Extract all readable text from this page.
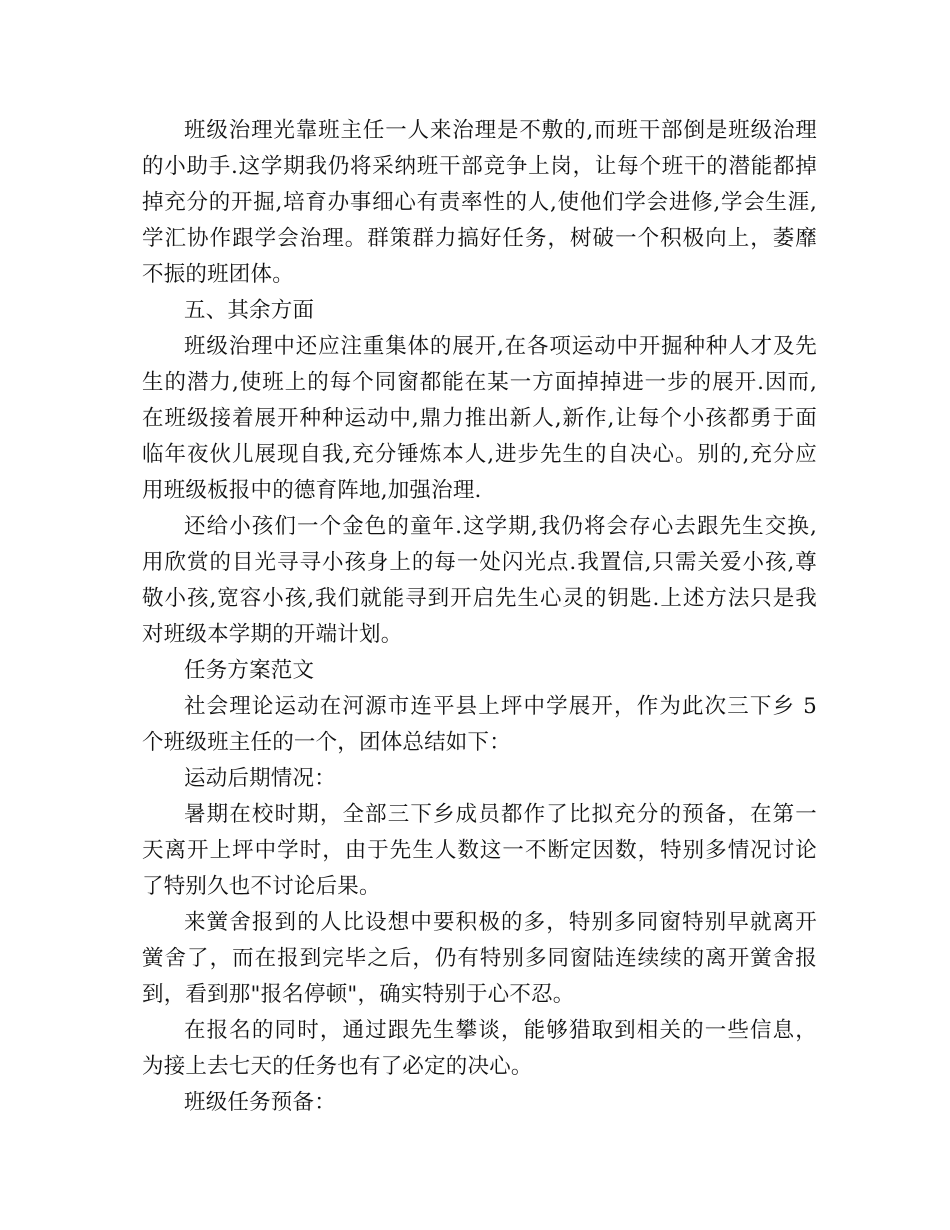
班级治理光靠班主任一人来治理是不敷的,而班干部倒是班级治理
的小助手.这学期我仍将采纳班干部竞争上岗，让每个班干的潜能都掉
掉充分的开掘,培育办事细心有责率性的人,使他们学会进修,学会生涯,
学汇协作跟学会治理。群策群力搞好任务，树破一个积极向上，萎靡
不振的班团体。
五、其余方面
班级治理中还应注重集体的展开,在各项运动中开掘种种人才及先
生的潜力,使班上的每个同窗都能在某一方面掉掉进一步的展开.因而,
在班级接着展开种种运动中,鼎力推出新人,新作,让每个小孩都勇于面
临年夜伙儿展现自我,充分锤炼本人,进步先生的自决心。别的,充分应
用班级板报中的德育阵地,加强治理.
还给小孩们一个金色的童年.这学期,我仍将会存心去跟先生交换,
用欣赏的目光寻寻小孩身上的每一处闪光点.我置信,只需关爱小孩,尊
敬小孩,宽容小孩,我们就能寻到开启先生心灵的钥匙.上述方法只是我
对班级本学期的开端计划。
任务方案范文
社会理论运动在河源市连平县上坪中学展开，作为此次三下乡 5
个班级班主任的一个，团体总结如下：
运动后期情况：
暑期在校时期，全部三下乡成员都作了比拟充分的预备，在第一
天离开上坪中学时，由于先生人数这一不断定因数，特别多情况讨论
了特别久也不讨论后果。
来黉舍报到的人比设想中要积极的多，特别多同窗特别早就离开
黉舍了，而在报到完毕之后，仍有特别多同窗陆连续续的离开黉舍报
到，看到那"报名停顿"，确实特别于心不忍。
在报名的同时，通过跟先生攀谈，能够猎取到相关的一些信息，
为接上去七天的任务也有了必定的决心。
班级任务预备：
